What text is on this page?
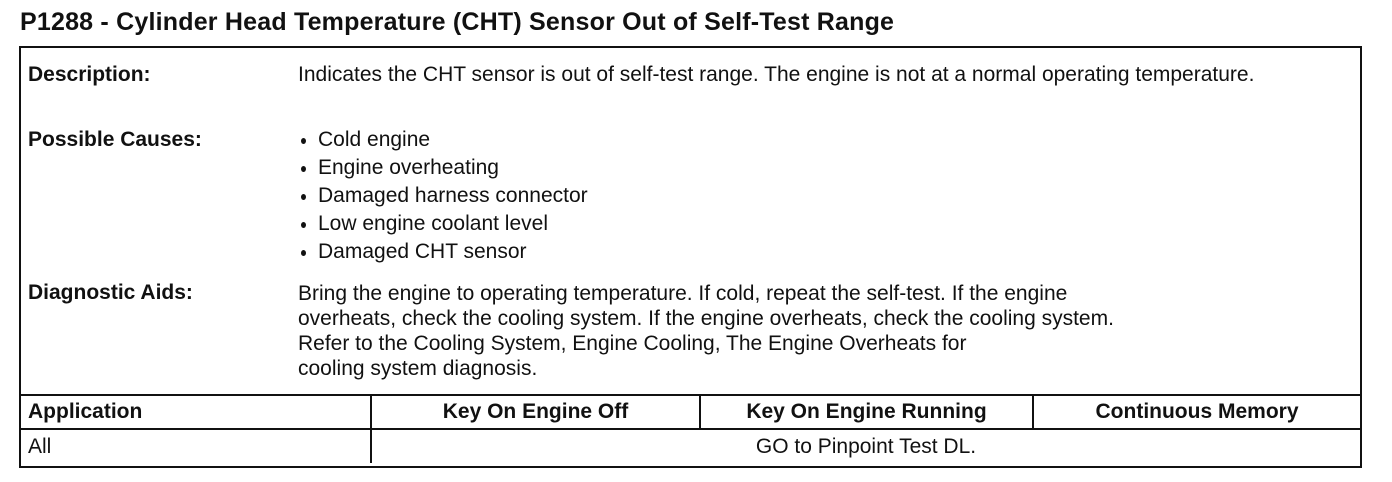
P1288 - Cylinder Head Temperature (CHT) Sensor Out of Self-Test Range
Description:	Indicates the CHT sensor is out of self-test range. The engine is not at a normal operating temperature.
Possible Causes:	Cold engine
Engine overheating
Damaged harness connector
Low engine coolant level
Damaged CHT sensor
Diagnostic Aids:	Bring the engine to operating temperature. If cold, repeat the self-test. If the engine
overheats, check the cooling system. If the engine overheats, check the cooling system.
Refer to the Cooling System, Engine Cooling, The Engine Overheats for
cooling system diagnosis.
Application	Key On Engine Off	Key On Engine Running	Continuous Memory
All	GO to Pinpoint Test DL.		
